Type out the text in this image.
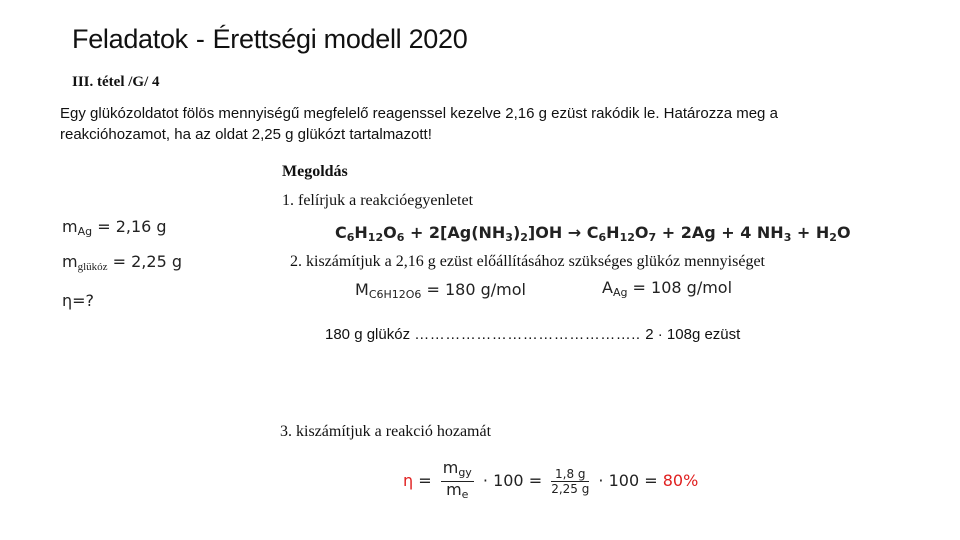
Feladatok - Érettségi modell 2020
III. tétel /G/ 4
Egy glükózoldatot fölös mennyiségű megfelelő reagenssel kezelve 2,16 g ezüst rakódik le. Határozza meg a reakcióhozamot, ha az oldat 2,25 g glükózt tartalmazott!
Megoldás
1. felírjuk a reakcióegyenletet
$m_{Ag} = 2,16$ g
$m_{glükóz} = 2,25$ g
η=?
$C_6H_{12}O_6 + 2[Ag(NH_3)_2]OH \to C_6H_{12}O_7 + 2Ag + 4$ $NH_3 + H_2O$
2. kiszámítjuk a 2,16 g ezüst előállításához szükséges glükóz mennyiséget
$M_{C6H12O6} = 180$ g/mol	$A_{Ag} = 108$ g/mol
180 g glükóz …………………………………….. 2 · 108g ezüst
3. kiszámítjuk a reakció hozamát
$\eta = \frac{m_{gy}}{m_e} \cdot 100 = \frac{1,8 g}{2,25 g} \cdot 100 = 80\%$
